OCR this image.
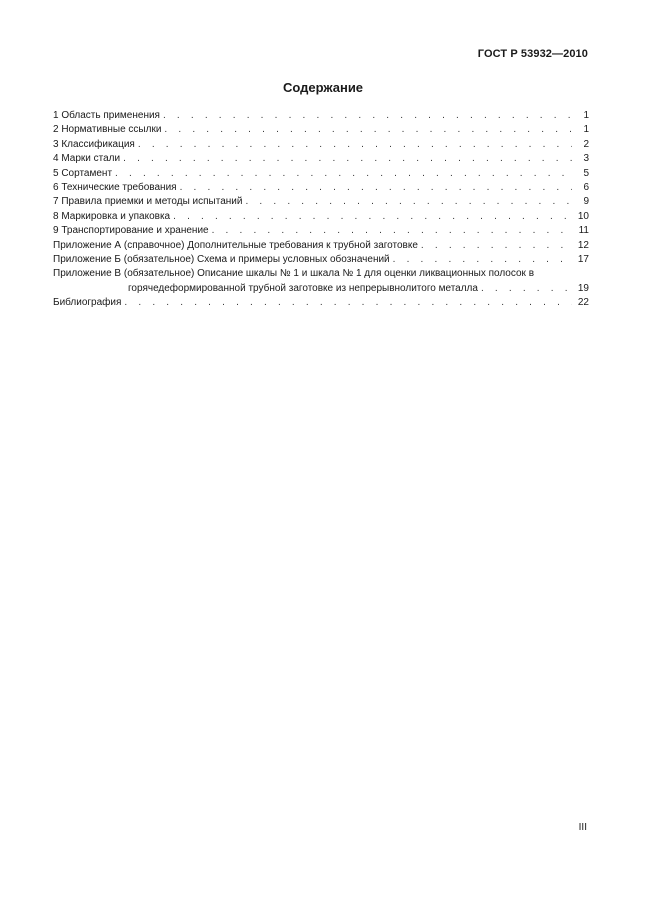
ГОСТ Р 53932—2010
Содержание
1 Область применения . . .	1
2 Нормативные ссылки . . .	1
3 Классификация . . .	2
4 Марки стали . . .	3
5 Сортамент . . .	5
6 Технические требования . . .	6
7 Правила приемки и методы испытаний . . .	9
8 Маркировка и упаковка . . .	10
9 Транспортирование и хранение . . .	11
Приложение А (справочное) Дополнительные требования к трубной заготовке . . .	12
Приложение Б (обязательное) Схема и примеры условных обозначений . . .	17
Приложение В (обязательное) Описание шкалы № 1 и шкала № 1 для оценки ликвационных полосок в
горячедеформированной трубной заготовке из непрерывнолитого металла . . .	19
Библиография . . .	22
III
